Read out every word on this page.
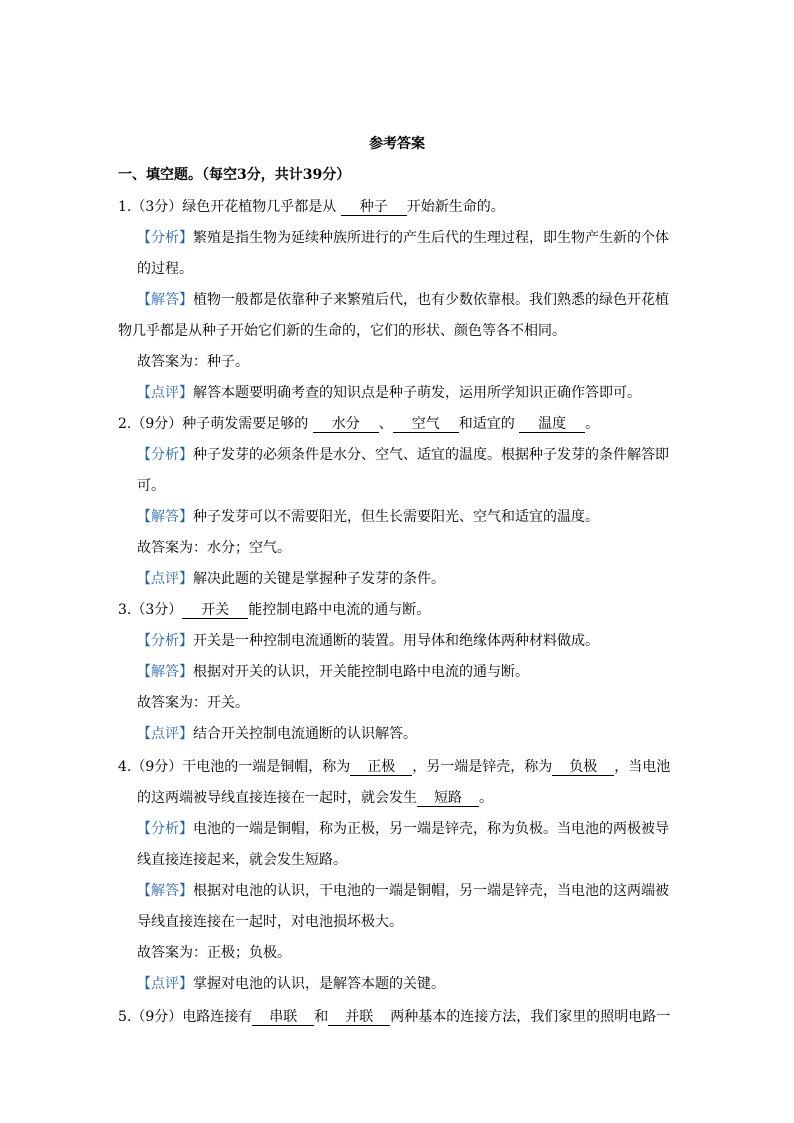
参考答案
一、填空题。（每空3分，共计39分）
1.（3分）绿色开花植物几乎都是从 种子 开始新生命的。
【分析】繁殖是指生物为延续种族所进行的产生后代的生理过程，即生物产生新的个体
的过程。
【解答】植物一般都是依靠种子来繁殖后代，也有少数依靠根。我们熟悉的绿色开花植
物几乎都是从种子开始它们新的生命的，它们的形状、颜色等各不相同。
故答案为：种子。
【点评】解答本题要明确考查的知识点是种子萌发，运用所学知识正确作答即可。
2.（9分）种子萌发需要足够的 水分 、 空气 和适宜的 温度 。
【分析】种子发芽的必须条件是水分、空气、适宜的温度。根据种子发芽的条件解答即
可。
【解答】种子发芽可以不需要阳光，但生长需要阳光、空气和适宜的温度。
故答案为：水分；空气。
【点评】解决此题的关键是掌握种子发芽的条件。
3.（3分） 开关 能控制电路中电流的通与断。
【分析】开关是一种控制电流通断的装置。用导体和绝缘体两种材料做成。
【解答】根据对开关的认识，开关能控制电路中电流的通与断。
故答案为：开关。
【点评】结合开关控制电流通断的认识解答。
4.（9分）干电池的一端是铜帽，称为 正极 ，另一端是锌壳，称为 负极 ，当电池
的这两端被导线直接连接在一起时，就会发生 短路 。
【分析】电池的一端是铜帽，称为正极，另一端是锌壳，称为负极。当电池的两极被导
线直接连接起来，就会发生短路。
【解答】根据对电池的认识，干电池的一端是铜帽，另一端是锌壳，当电池的这两端被
导线直接连接在一起时，对电池损坏极大。
故答案为：正极；负极。
【点评】掌握对电池的认识，是解答本题的关键。
5.（9分）电路连接有 串联 和 并联 两种基本的连接方法，我们家里的照明电路一
